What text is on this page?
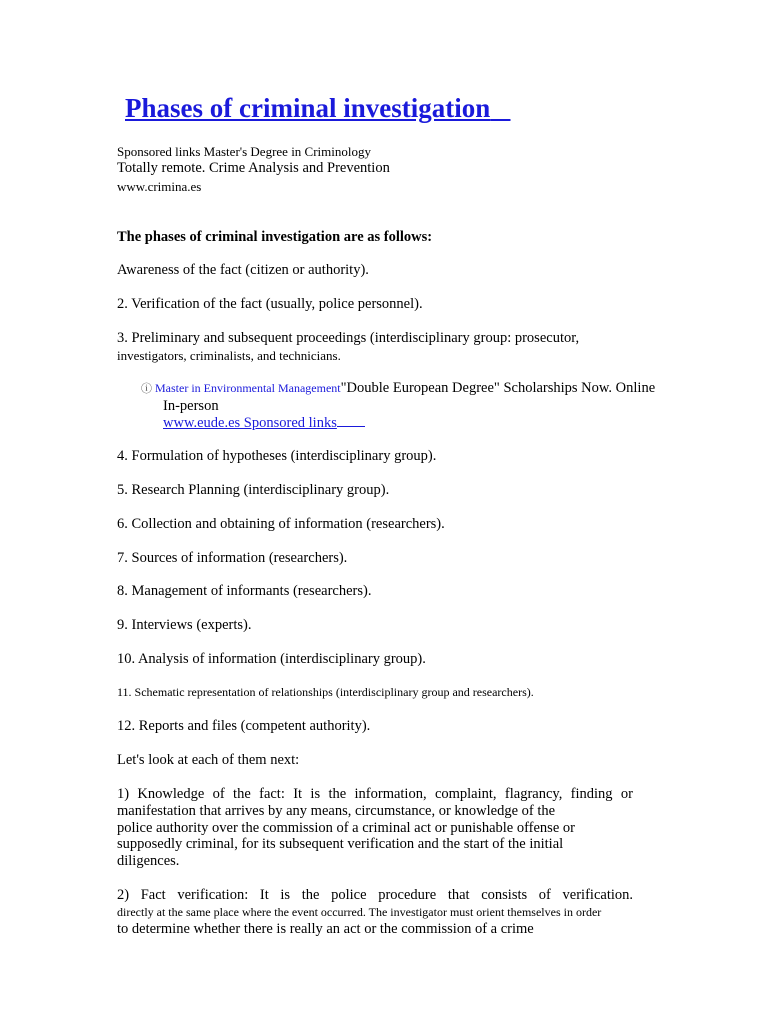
Phases of criminal investigation

Sponsored links Master's Degree in Criminology

Totally remote. Crime Analysis and Prevention

www.crimina.es

The phases of criminal investigation are as follows:

Awareness of the fact (citizen or authority).

2. Verification of the fact (usually, police personnel).

3. Preliminary and subsequent proceedings (interdisciplinary group: prosecutor,

investigators, criminalists, and technicians.

ⓘ Master in Environmental Management"Double European Degree" Scholarships Now. Online

In-person

www.eude.es Sponsored links

4. Formulation of hypotheses (interdisciplinary group).

5. Research Planning (interdisciplinary group).

6. Collection and obtaining of information (researchers).

7. Sources of information (researchers).

8. Management of informants (researchers).

9. Interviews (experts).

10. Analysis of information (interdisciplinary group).

11. Schematic representation of relationships (interdisciplinary group and researchers).

12. Reports and files (competent authority).

Let's look at each of them next:

1) Knowledge of the fact: It is the information, complaint, flagrancy, finding or

manifestation that arrives by any means, circumstance, or knowledge of the

police authority over the commission of a criminal act or punishable offense or

supposedly criminal, for its subsequent verification and the start of the initial

diligences.

2) Fact verification: It is the police procedure that consists of verification.

directly at the same place where the event occurred. The investigator must orient themselves in order

to determine whether there is really an act or the commission of a crime
